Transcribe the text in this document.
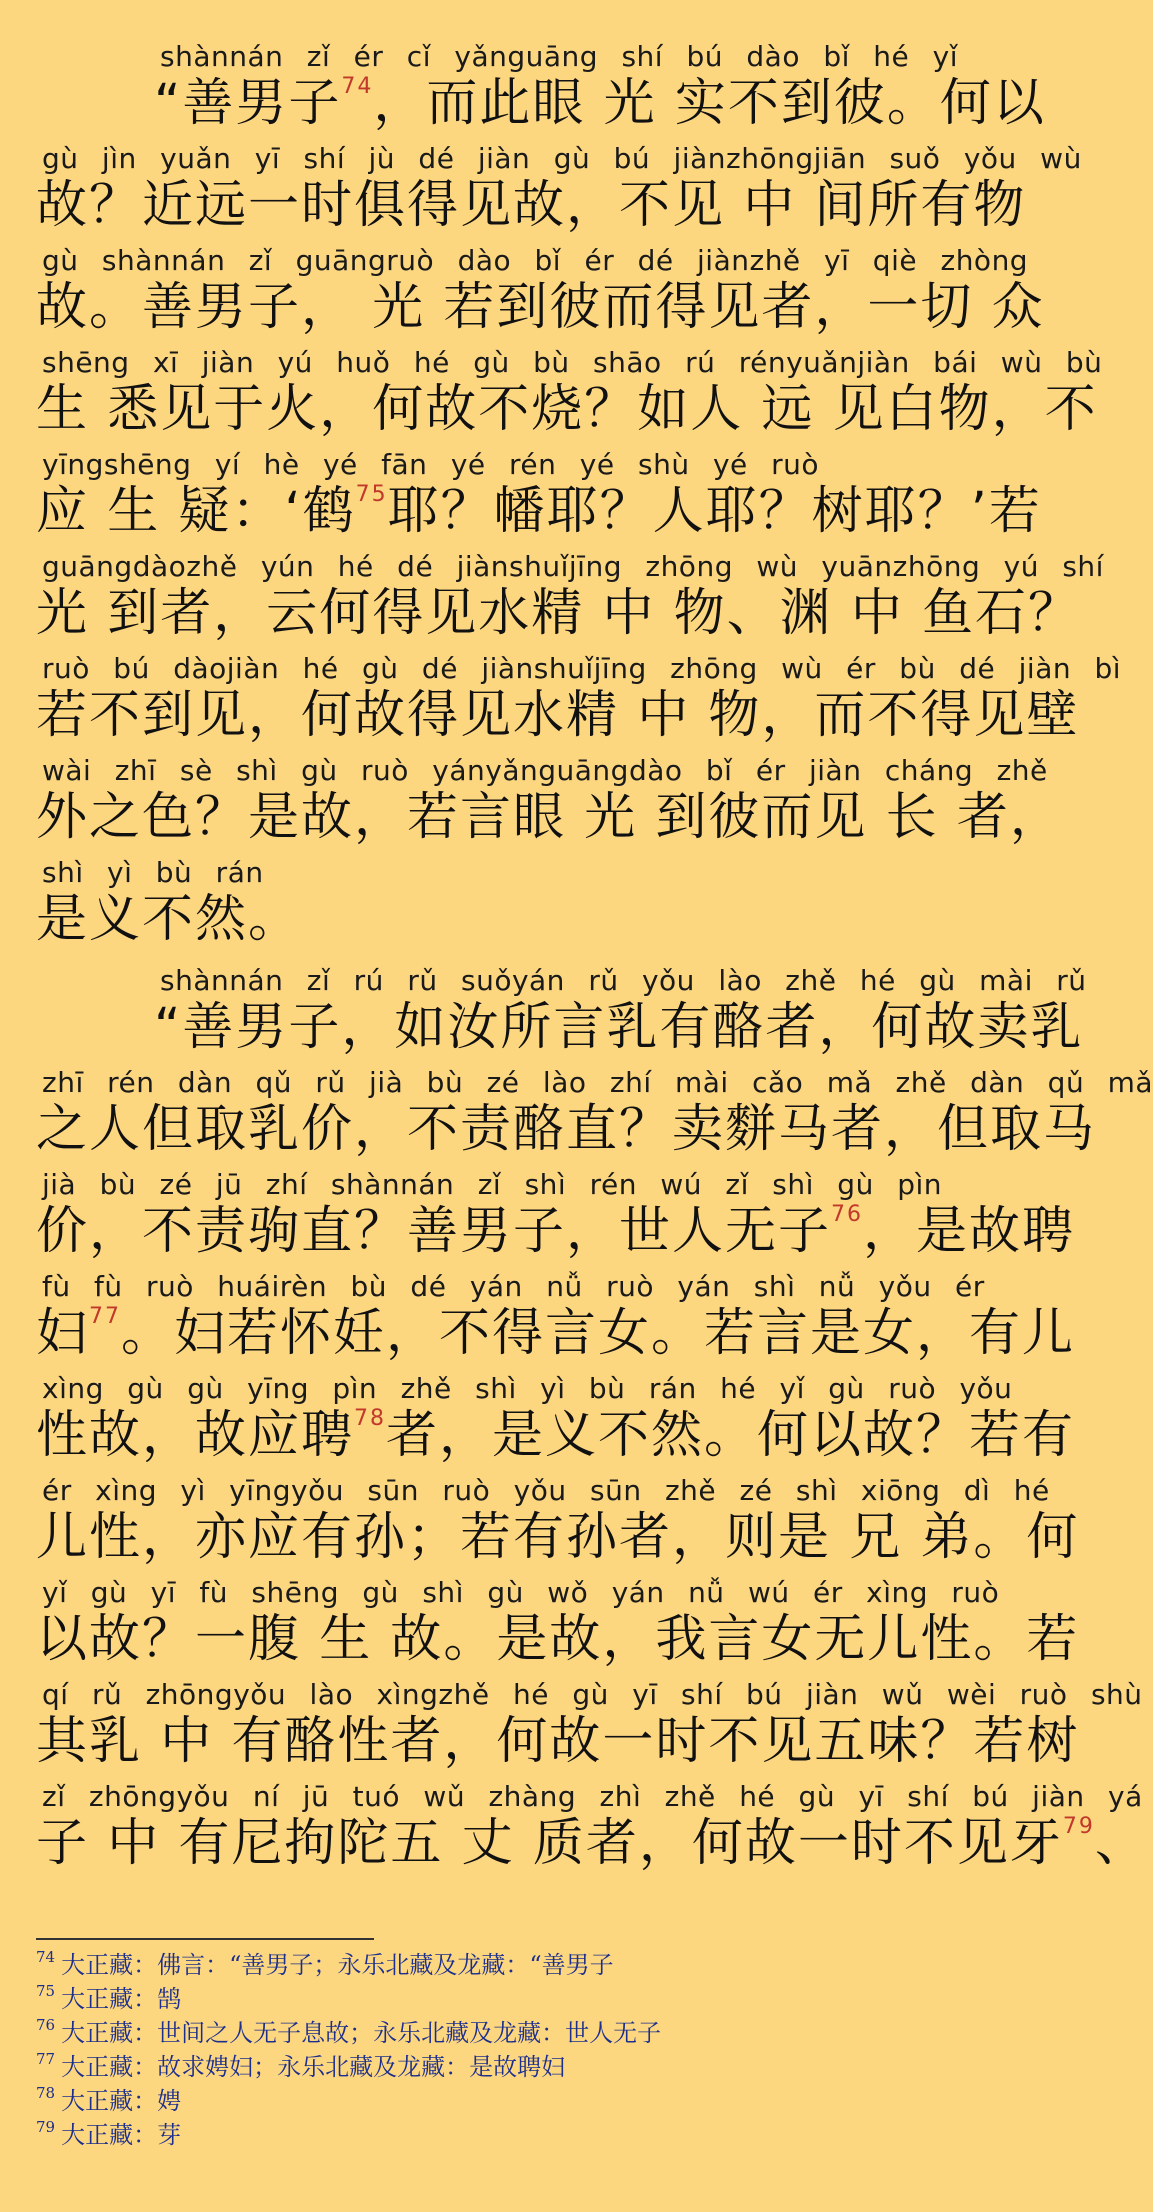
shànnán zǐ ér cǐ yǎnguāng shí bú dào bǐ hé yǐ
“善男子$^{74}$，而此眼 光 实不到彼。何以
gù jìn yuǎn yī shí jù dé jiàn gù bú jiànzhōngjiān suǒ yǒu wù
故？近远一时俱得见故，不见 中 间所有物
gù shànnán zǐ guāngruò dào bǐ ér dé jiànzhě yī qiè zhòng
故。善男子， 光 若到彼而得见者，一切 众
shēng xī jiàn yú huǒ hé gù bù shāo rú rényuǎnjiàn bái wù bù
生 悉见于火，何故不烧？如人 远 见白物，不
yīngshēng yí hè yé fān yé rén yé shù yé ruò
应 生 疑：‘鹤$^{75}$耶？幡耶？人耶？树耶？’若
guāngdàozhě yún hé dé jiànshuǐjīng zhōng wù yuānzhōng yú shí
光 到者，云何得见水精 中 物、渊 中 鱼石？
ruò bú dàojiàn hé gù dé jiànshuǐjīng zhōng wù ér bù dé jiàn bì
若不到见，何故得见水精 中 物，而不得见壁
wài zhī sè shì gù ruò yányǎnguāngdào bǐ ér jiàn cháng zhě
外之色？是故，若言眼 光 到彼而见 长 者，
shì yì bù rán
是义不然。
shànnán zǐ rú rǔ suǒyán rǔ yǒu lào zhě hé gù mài rǔ
“善男子，如汝所言乳有酪者，何故卖乳
zhī rén dàn qǔ rǔ jià bù zé lào zhí mài cǎo mǎ zhě dàn qǔ mǎ
之人但取乳价，不责酪直？卖䴵马者，但取马
jià bù zé jū zhí shànnán zǐ shì rén wú zǐ shì gù pìn
价，不责驹直？善男子，世人无子$^{76}$，是故聘
fù fù ruò huáirèn bù dé yán nǚ ruò yán shì nǚ yǒu ér
妇$^{77}$。妇若怀妊，不得言女。若言是女，有儿
xìng gù gù yīng pìn zhě shì yì bù rán hé yǐ gù ruò yǒu
性故，故应聘$^{78}$者，是义不然。何以故？若有
ér xìng yì yīngyǒu sūn ruò yǒu sūn zhě zé shì xiōng dì hé
儿性，亦应有孙；若有孙者，则是 兄 弟。何
yǐ gù yī fù shēng gù shì gù wǒ yán nǚ wú ér xìng ruò
以故？一腹 生 故。是故，我言女无儿性。若
qí rǔ zhōngyǒu lào xìngzhě hé gù yī shí bú jiàn wǔ wèi ruò shù
其乳 中 有酪性者，何故一时不见五味？若树
zǐ zhōngyǒu ní jū tuó wǔ zhàng zhì zhě hé gù yī shí bú jiàn yá
子 中 有尼拘陀五 丈 质者，何故一时不见牙$^{79}$、
$^{74}$ 大正藏：佛言：“善男子；永乐北藏及龙藏：“善男子
$^{75}$ 大正藏：鹄
$^{76}$ 大正藏：世间之人无子息故；永乐北藏及龙藏：世人无子
$^{77}$ 大正藏：故求娉妇；永乐北藏及龙藏：是故聘妇
$^{78}$ 大正藏：娉
$^{79}$ 大正藏：芽
